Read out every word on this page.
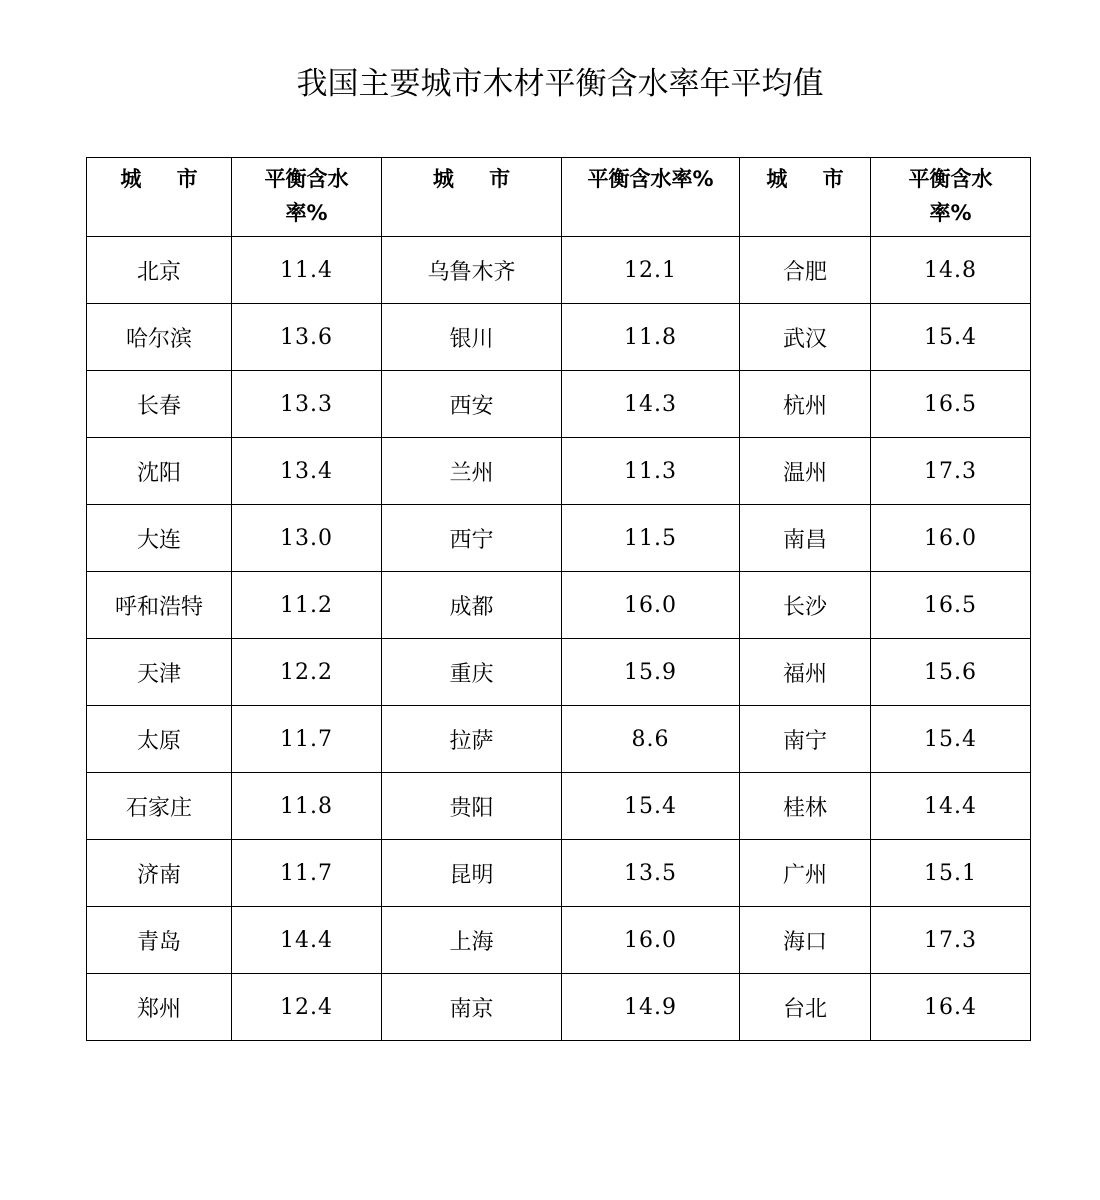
我国主要城市木材平衡含水率年平均值
城 市	平衡含水率%	城 市	平衡含水率%	城 市	平衡含水率%
北京	11.4	乌鲁木齐	12.1	合肥	14.8
哈尔滨	13.6	银川	11.8	武汉	15.4
长春	13.3	西安	14.3	杭州	16.5
沈阳	13.4	兰州	11.3	温州	17.3
大连	13.0	西宁	11.5	南昌	16.0
呼和浩特	11.2	成都	16.0	长沙	16.5
天津	12.2	重庆	15.9	福州	15.6
太原	11.7	拉萨	8.6	南宁	15.4
石家庄	11.8	贵阳	15.4	桂林	14.4
济南	11.7	昆明	13.5	广州	15.1
青岛	14.4	上海	16.0	海口	17.3
郑州	12.4	南京	14.9	台北	16.4
